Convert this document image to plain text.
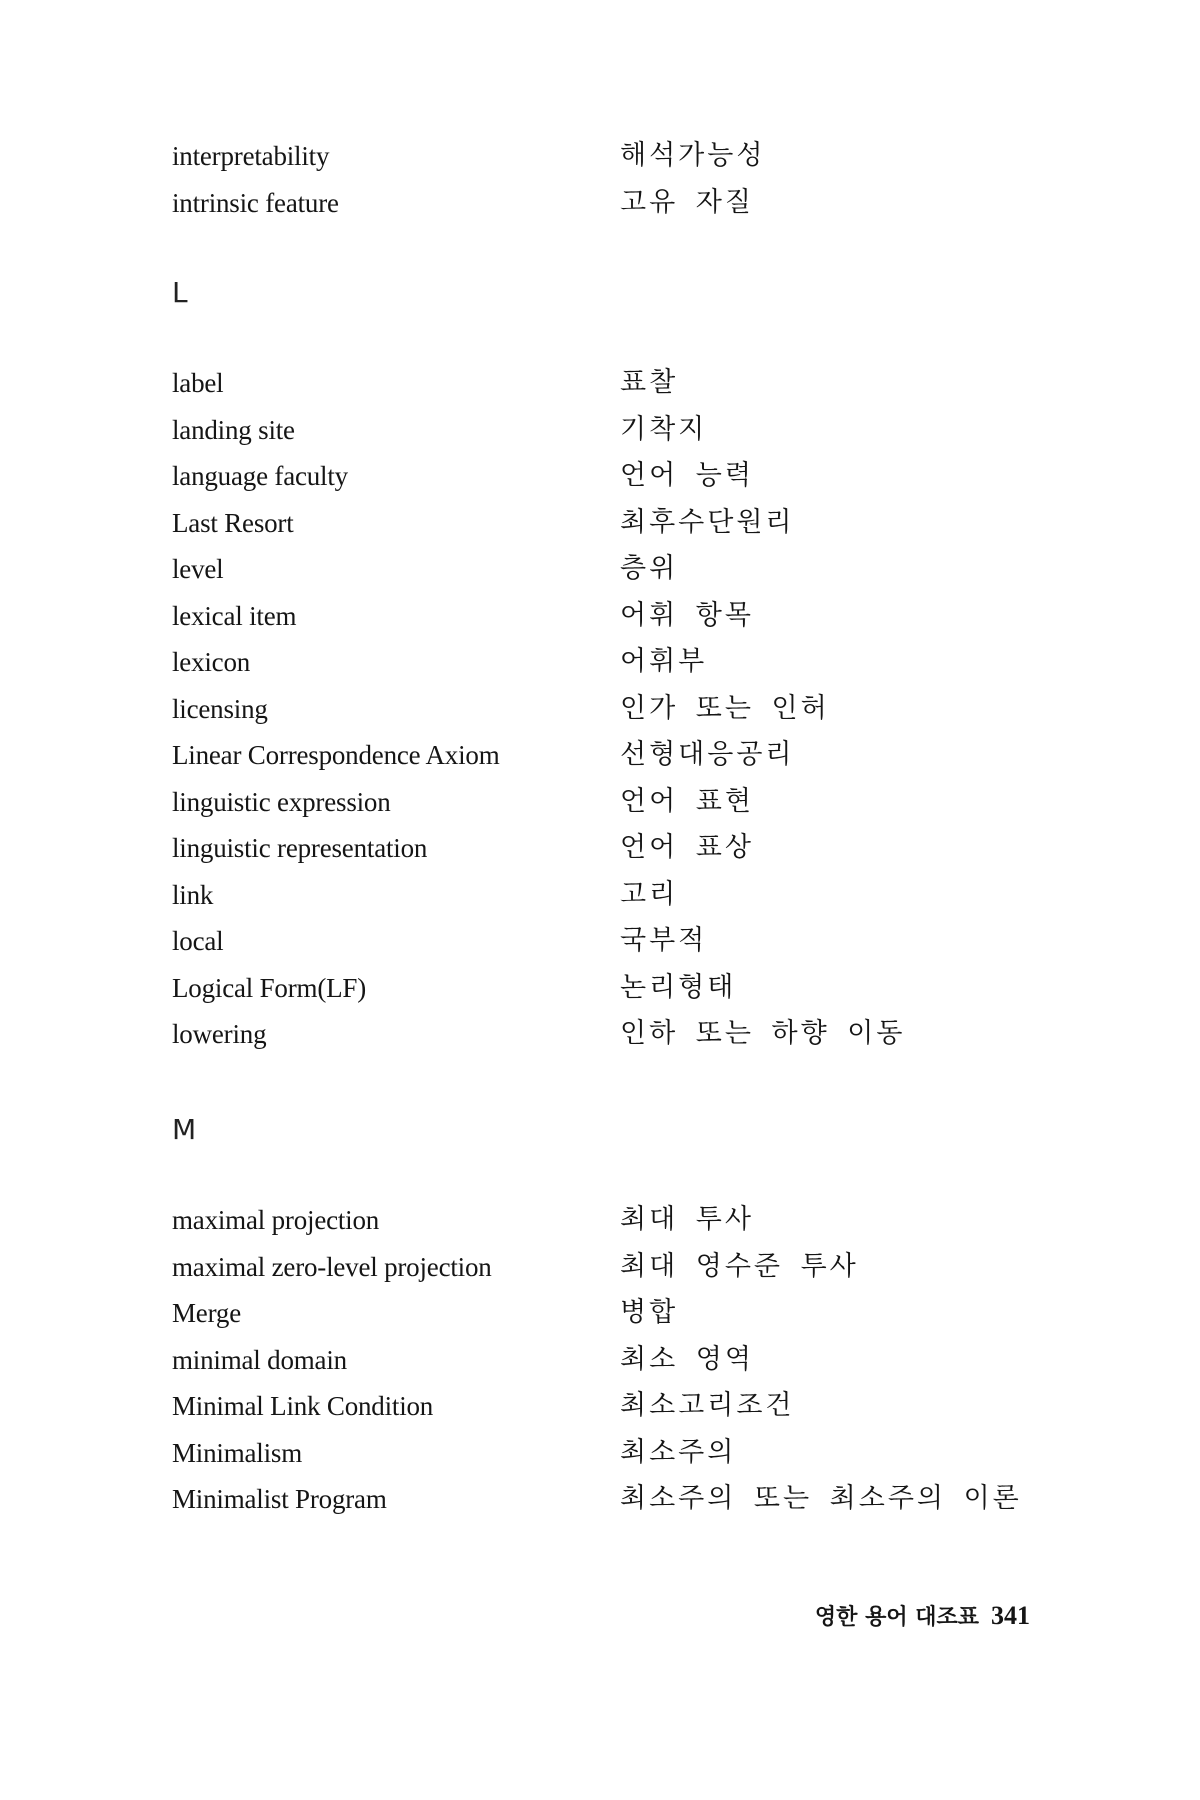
interpretability	해석가능성
intrinsic feature	고유 자질
L
label	표찰
landing site	기착지
language faculty	언어 능력
Last Resort	최후수단원리
level	층위
lexical item	어휘 항목
lexicon	어휘부
licensing	인가 또는 인허
Linear Correspondence Axiom	선형대응공리
linguistic expression	언어 표현
linguistic representation	언어 표상
link	고리
local	국부적
Logical Form(LF)	논리형태
lowering	인하 또는 하향 이동
M
maximal projection	최대 투사
maximal zero-level projection	최대 영수준 투사
Merge	병합
minimal domain	최소 영역
Minimal Link Condition	최소고리조건
Minimalism	최소주의
Minimalist Program	최소주의 또는 최소주의 이론
영한 용어 대조표 341
